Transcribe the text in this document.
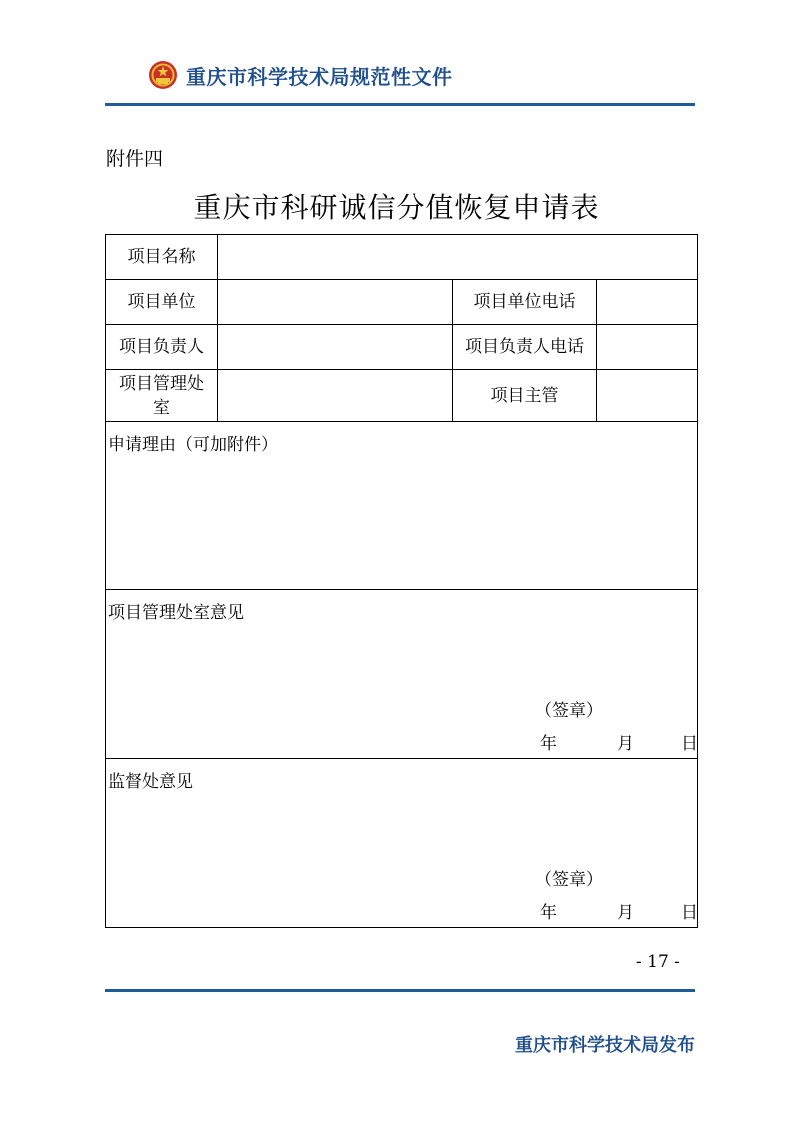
重庆市科学技术局规范性文件
附件四
重庆市科研诚信分值恢复申请表
项目名称			
项目单位		项目单位电话	
项目负责人		项目负责人电话	
项目管理处
室		项目主管	

申请理由（可加附件）			

项目管理处室意见
（签章）
年 月 日			

监督处意见
（签章）
年 月 日			
- 17 -
重庆市科学技术局发布
